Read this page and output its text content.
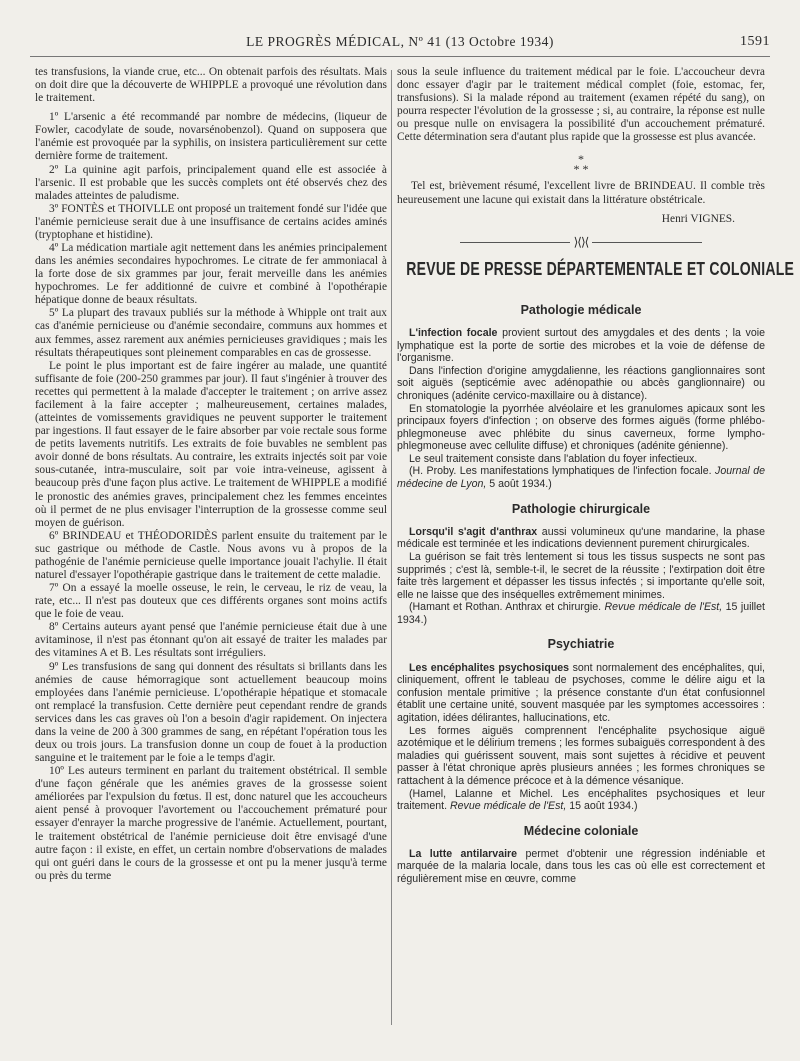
LE PROGRÈS MÉDICAL, Nº 41 (13 Octobre 1934)	1591

tes transfusions, la viande crue, etc... On obtenait parfois des résultats. Mais on doit dire que la découverte de WHIPPLE a provoqué une révolution dans le traitement.

1º L'arsenic a été recommandé par nombre de médecins, (liqueur de Fowler, cacodylate de soude, novarsénobenzol). Quand on supposera que l'anémie est provoquée par la syphilis, on insistera particulièrement sur cette dernière forme de traitement.

2º La quinine agit parfois, principalement quand elle est associée à l'arsenic. Il est probable que les succès complets ont été observés chez des malades atteintes de paludisme.

3º FONTÈS et THOIVLLE ont proposé un traitement fondé sur l'idée que l'anémie pernicieuse serait due à une insuffisance de certains acides aminés (tryptophane et histidine).

4º La médication martiale agit nettement dans les anémies principalement dans les anémies secondaires hypochromes. Le citrate de fer ammoniacal à la forte dose de six grammes par jour, ferait merveille dans les anémies hypochromes. Le fer additionné de cuivre et combiné à l'opothérapie hépatique donne de beaux résultats.

5º La plupart des travaux publiés sur la méthode à Whipple ont trait aux cas d'anémie pernicieuse ou d'anémie secondaire, communs aux hommes et aux femmes, assez rarement aux anémies pernicieuses gravidiques ; mais les résultats thérapeutiques sont pleinement comparables en cas de grossesse.

Le point le plus important est de faire ingérer au malade, une quantité suffisante de foie (200-250 grammes par jour). Il faut s'ingénier à trouver des recettes qui permettent à la malade d'accepter le traitement ; on arrive assez facilement à la faire accepter ; malheureusement, certaines malades, (atteintes de vomissements gravidiques ne peuvent supporter le traitement par ingestions. Il faut essayer de le faire absorber par voie rectale sous forme de petits lavements nutritifs. Les extraits de foie buvables ne semblent pas avoir donné de bons résultats. Au contraire, les extraits injectés soit par voie sous-cutanée, intra-musculaire, soit par voie intra-veineuse, agissent à beaucoup près d'une façon plus active. Le traitement de WHIPPLE a modifié le pronostic des anémies graves, principalement chez les femmes enceintes où il permet de ne plus envisager l'interruption de la grossesse comme seul moyen de guérison.

6º BRINDEAU et THÉODORIDÈS parlent ensuite du traitement par le suc gastrique ou méthode de Castle. Nous avons vu à propos de la pathogénie de l'anémie pernicieuse quelle importance jouait l'achylie. Il était naturel d'essayer l'opothérapie gastrique dans le traitement de cette maladie.

7º On a essayé la moelle osseuse, le rein, le cerveau, le riz de veau, la rate, etc... Il n'est pas douteux que ces différents organes sont moins actifs que le foie de veau.

8º Certains auteurs ayant pensé que l'anémie pernicieuse était due à une avitaminose, il n'est pas étonnant qu'on ait essayé de traiter les malades par des vitamines A et B. Les résultats sont irréguliers.

9º Les transfusions de sang qui donnent des résultats si brillants dans les anémies de cause hémorragique sont actuellement beaucoup moins employées dans l'anémie pernicieuse. L'opothérapie hépatique et stomacale ont remplacé la transfusion. Cette dernière peut cependant rendre de grands services dans les cas graves où l'on a besoin d'agir rapidement. On injectera dans la veine de 200 à 300 grammes de sang, en répétant l'opération tous les deux ou trois jours. La transfusion donne un coup de fouet à la production sanguine et le traitement par le foie a le temps d'agir.

10º Les auteurs terminent en parlant du traitement obstétrical. Il semble d'une façon générale que les anémies graves de la grossesse soient améliorées par l'expulsion du fœtus. Il est, donc naturel que les accoucheurs aient pensé à provoquer l'avortement ou l'accouchement prématuré pour essayer d'enrayer la marche progressive de l'anémie. Actuellement, pourtant, le traitement obstétrical de l'anémie pernicieuse doit être envisagé d'une autre façon : il existe, en effet, un certain nombre d'observations de malades qui ont guéri dans le cours de la grossesse et ont pu la mener jusqu'à terme ou près du terme

sous la seule influence du traitement médical par le foie. L'accoucheur devra donc essayer d'agir par le traitement médical complet (foie, estomac, fer, transfusions). Si la malade répond au traitement (examen répété du sang), on pourra respecter l'évolution de la grossesse ; si, au contraire, la réponse est nulle ou presque nulle on envisagera la possibilité d'un accouchement prématuré. Cette détermination sera d'autant plus rapide que la grossesse est plus avancée.

*
* *

Tel est, brièvement résumé, l'excellent livre de BRINDEAU. Il comble très heureusement une lacune qui existait dans la littérature obstétricale.

Henri VIGNES.

⟩⟨⟩⟨
REVUE DE PRESSE DÉPARTEMENTALE ET COLONIALE
Pathologie médicale

L'infection focale provient surtout des amygdales et des dents ; la voie lymphatique est la porte de sortie des microbes et la voie de défense de l'organisme.

Dans l'infection d'origine amygdalienne, les réactions ganglionnaires sont soit aiguës (septicémie avec adénopathie ou abcès ganglionnaire) ou chroniques (adénite cervico-maxillaire ou à distance).

En stomatologie la pyorrhée alvéolaire et les granulomes apicaux sont les principaux foyers d'infection ; on observe des formes aiguës (forme phlébo-phlegmoneuse avec phlébite du sinus caverneux, forme lympho-phlegmoneuse avec cellulite diffuse) et chroniques (adénite génienne).

Le seul traitement consiste dans l'ablation du foyer infectieux.

(H. Proby. Les manifestations lymphatiques de l'infection focale. Journal de médecine de Lyon, 5 août 1934.)

Pathologie chirurgicale

Lorsqu'il s'agit d'anthrax aussi volumineux qu'une mandarine, la phase médicale est terminée et les indications deviennent purement chirurgicales.

La guérison se fait très lentement si tous les tissus suspects ne sont pas supprimés ; c'est là, semble-t-il, le secret de la réussite ; l'extirpation doit être faite très largement et dépasser les tissus infectés ; si importante qu'elle soit, elle ne laisse que des inséquelles extrêmement minimes.

(Hamant et Rothan. Anthrax et chirurgie. Revue médicale de l'Est, 15 juillet 1934.)

Psychiatrie

Les encéphalites psychosiques sont normalement des encéphalites, qui, cliniquement, offrent le tableau de psychoses, comme le délire aigu et la confusion mentale primitive ; la présence constante d'un état confusionnel établit une certaine unité, souvent masquée par les symptomes accessoires : agitation, idées délirantes, hallucinations, etc.

Les formes aiguës comprennent l'encéphalite psychosique aiguë azotémique et le délirium tremens ; les formes subaiguës correspondent à des maladies qui guérissent souvent, mais sont sujettes à récidive et peuvent passer à l'état chronique après plusieurs années ; les formes chroniques se rattachent à la démence précoce et à la démence vésanique.

(Hamel, Lalanne et Michel. Les encéphalites psychosiques et leur traitement. Revue médicale de l'Est, 15 août 1934.)

Médecine coloniale

La lutte antilarvaire permet d'obtenir une régression indéniable et marquée de la malaria locale, dans tous les cas où elle est correctement et régulièrement mise en œuvre, comme
